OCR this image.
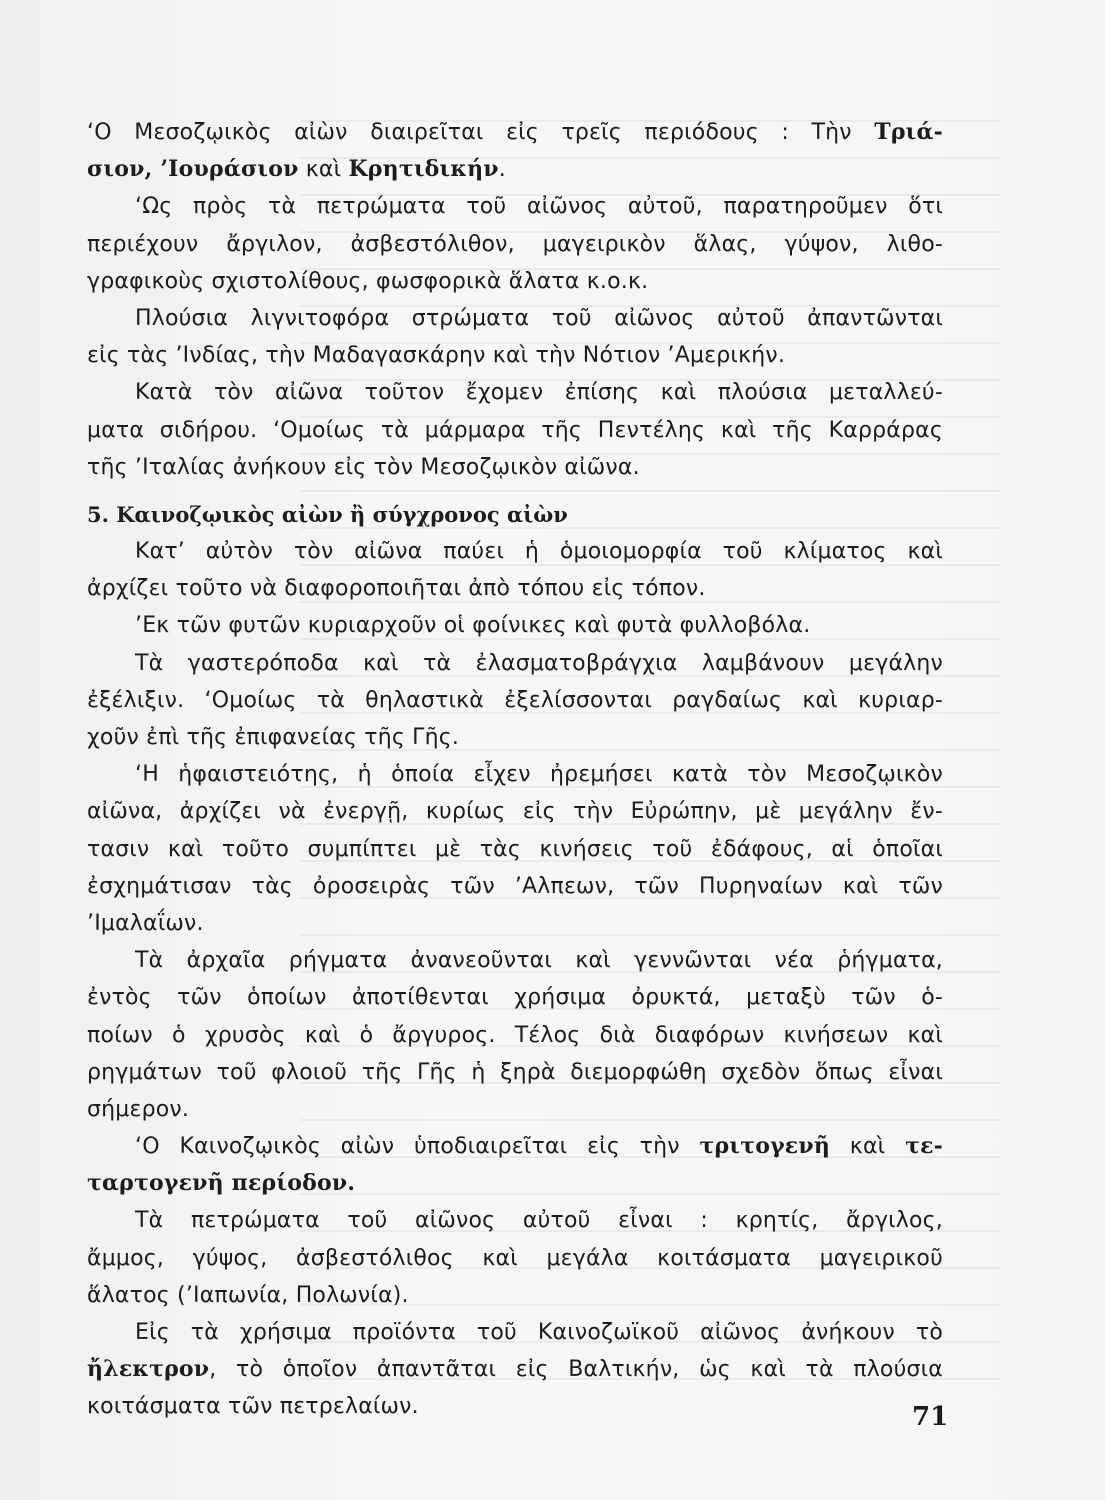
‘Ο Μεσοζῳικὸς αἰὼν διαιρεῖται εἰς τρεῖς περιόδους : Τὴν Τριά-
σιον, ’Ιουράσιον καὶ Κρητιδικήν.
‘Ως πρὸς τὰ πετρώματα τοῦ αἰῶνος αὐτοῦ, παρατηροῦμεν ὅτι
περιέχουν ἄργιλον, ἀσβεστόλιθον, μαγειρικὸν ἅλας, γύψον, λιθο-
γραφικοὺς σχιστολίθους, φωσφορικὰ ἅλατα κ.ο.κ.
Πλούσια λιγνιτοφόρα στρώματα τοῦ αἰῶνος αὐτοῦ ἀπαντῶνται
εἰς τὰς ’Ινδίας, τὴν Μαδαγασκάρην καὶ τὴν Νότιον ’Αμερικήν.
Κατὰ τὸν αἰῶνα τοῦτον ἔχομεν ἐπίσης καὶ πλούσια μεταλλεύ-
ματα σιδήρου. ‘Ομοίως τὰ μάρμαρα τῆς Πεντέλης καὶ τῆς Καρράρας
τῆς ’Ιταλίας ἀνήκουν εἰς τὸν Μεσοζῳικὸν αἰῶνα.
5. Καινοζῳικὸς αἰὼν ἢ σύγχρονος αἰὼν
Κατ’ αὐτὸν τὸν αἰῶνα παύει ἡ ὁμοιομορφία τοῦ κλίματος καὶ
ἀρχίζει τοῦτο νὰ διαφοροποιῆται ἀπὸ τόπου εἰς τόπον.
’Εκ τῶν φυτῶν κυριαρχοῦν οἱ φοίνικες καὶ φυτὰ φυλλοβόλα.
Τὰ γαστερόποδα καὶ τὰ ἐλασματοβράγχια λαμβάνουν μεγάλην
ἐξέλιξιν. ‘Ομοίως τὰ θηλαστικὰ ἐξελίσσονται ραγδαίως καὶ κυριαρ-
χοῦν ἐπὶ τῆς ἐπιφανείας τῆς Γῆς.
‘Η ἡφαιστειότης, ἡ ὁποία εἶχεν ἠρεμήσει κατὰ τὸν Μεσοζῳικὸν
αἰῶνα, ἀρχίζει νὰ ἐνεργῇ, κυρίως εἰς τὴν Εὐρώπην, μὲ μεγάλην ἔν-
τασιν καὶ τοῦτο συμπίπτει μὲ τὰς κινήσεις τοῦ ἐδάφους, αἱ ὁποῖαι
ἐσχημάτισαν τὰς ὀροσειρὰς τῶν ’Αλπεων, τῶν Πυρηναίων καὶ τῶν
’Ιμαλαΐων.
Τὰ ἀρχαῖα ρήγματα ἀνανεοῦνται καὶ γεννῶνται νέα ῥήγματα,
ἐντὸς τῶν ὁποίων ἀποτίθενται χρήσιμα ὀρυκτά, μεταξὺ τῶν ὁ-
ποίων ὁ χρυσὸς καὶ ὁ ἄργυρος. Τέλος διὰ διαφόρων κινήσεων καὶ
ρηγμάτων τοῦ φλοιοῦ τῆς Γῆς ἡ ξηρὰ διεμορφώθη σχεδὸν ὅπως εἶναι
σήμερον.
‘Ο Καινοζῳικὸς αἰὼν ὑποδιαιρεῖται εἰς τὴν τριτογενῆ καὶ τε-
ταρτογενῆ περίοδον.
Τὰ πετρώματα τοῦ αἰῶνος αὐτοῦ εἶναι : κρητίς, ἄργιλος,
ἄμμος, γύψος, ἀσβεστόλιθος καὶ μεγάλα κοιτάσματα μαγειρικοῦ
ἅλατος (’Ιαπωνία, Πολωνία).
Εἰς τὰ χρήσιμα προϊόντα τοῦ Καινοζωϊκοῦ αἰῶνος ἀνήκουν τὸ
ἤλεκτρον, τὸ ὁποῖον ἀπαντᾶται εἰς Βαλτικήν, ὡς καὶ τὰ πλούσια
κοιτάσματα τῶν πετρελαίων.	71
